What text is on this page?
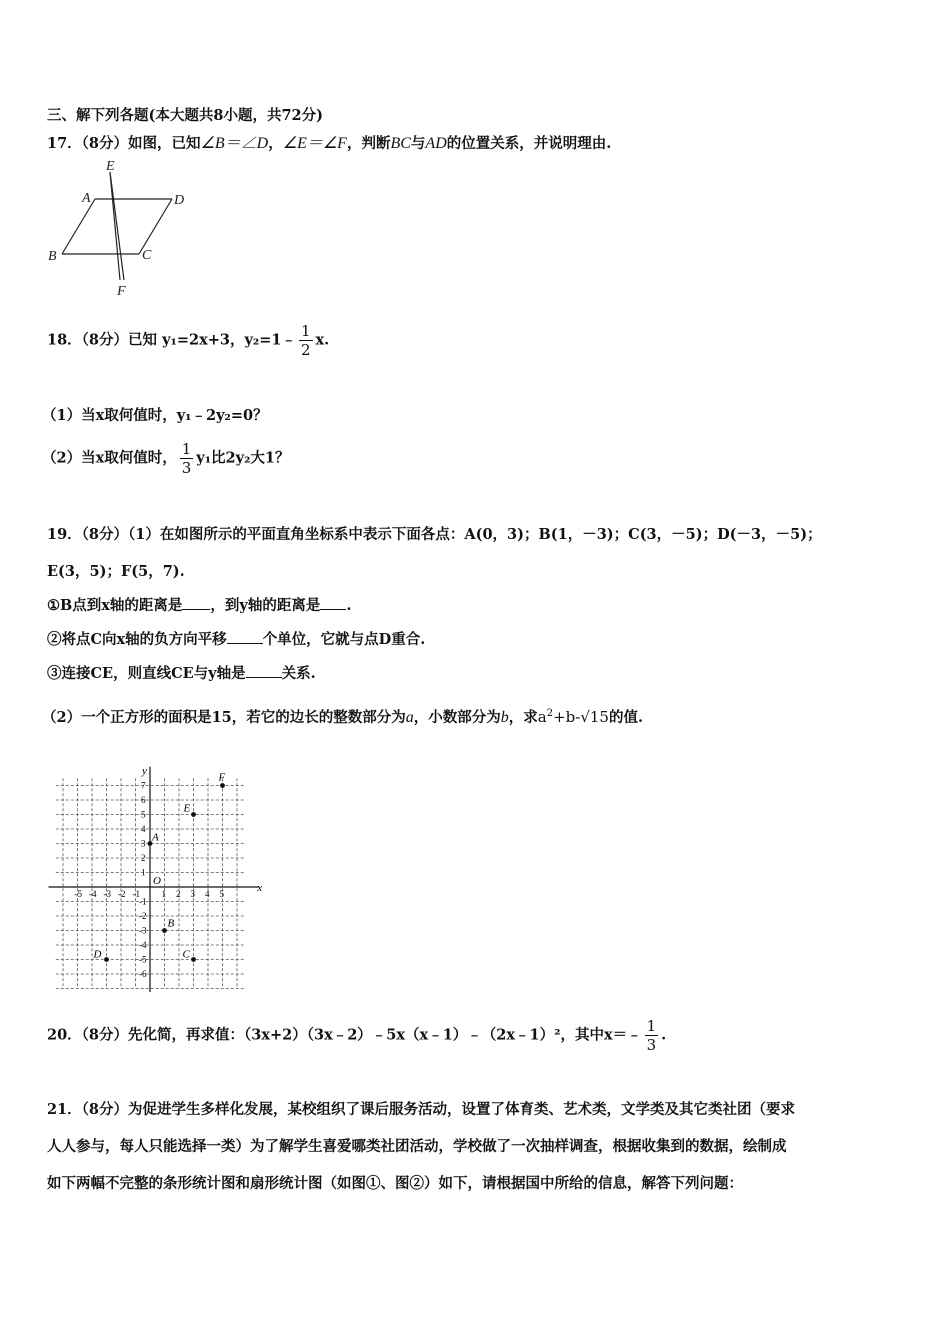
三、解下列各题(本大题共8小题，共72分)
17．（8分）如图，已知∠B＝∠D，∠E＝∠F，判断BC与AD的位置关系，并说明理由.
E
A	D
B	C
F
18．（8分）已知 y₁=2x+3，y₂=1﹣ $\frac{1}{2} x$.
（1）当x取何值时，y₁﹣2y₂=0？
（2）当x取何值时， $\frac{1}{3} y_1$比2y₂大1？
19．（8分）（1）在如图所示的平面直角坐标系中表示下面各点：A(0，3)；B(1，－3)；C(3，－5)；D(－3，－5)；
E(3，5)；F(5，7).
①B点到x轴的距离是 ，到y轴的距离是 .
②将点C向x轴的负方向平移 个单位，它就与点D重合.
③连接CE，则直线CE与y轴是 关系.
（2）一个正方形的面积是15，若它的边长的整数部分为a，小数部分为b，求$a^2+b-√15$的值.
x
y
O
-5 -4 -3 -2 -1 1 2 3 4 5
1
2
3
4
5
6
7
-1
-2
-3
-4
-5
-6
F
E
A
B
D	C
20．（8分）先化简，再求值：（3x+2）（3x﹣2）﹣5x（x﹣1）﹣（2x﹣1）²，其中x＝﹣ $\frac{1}{3}$ .
21．（8分）为促进学生多样化发展，某校组织了课后服务活动，设置了体育类、艺术类，文学类及其它类社团（要求
人人参与，每人只能选择一类）为了解学生喜爱哪类社团活动，学校做了一次抽样调查，根据收集到的数据，绘制成
如下两幅不完整的条形统计图和扇形统计图（如图①、图②）如下，请根据国中所给的信息，解答下列问题：
